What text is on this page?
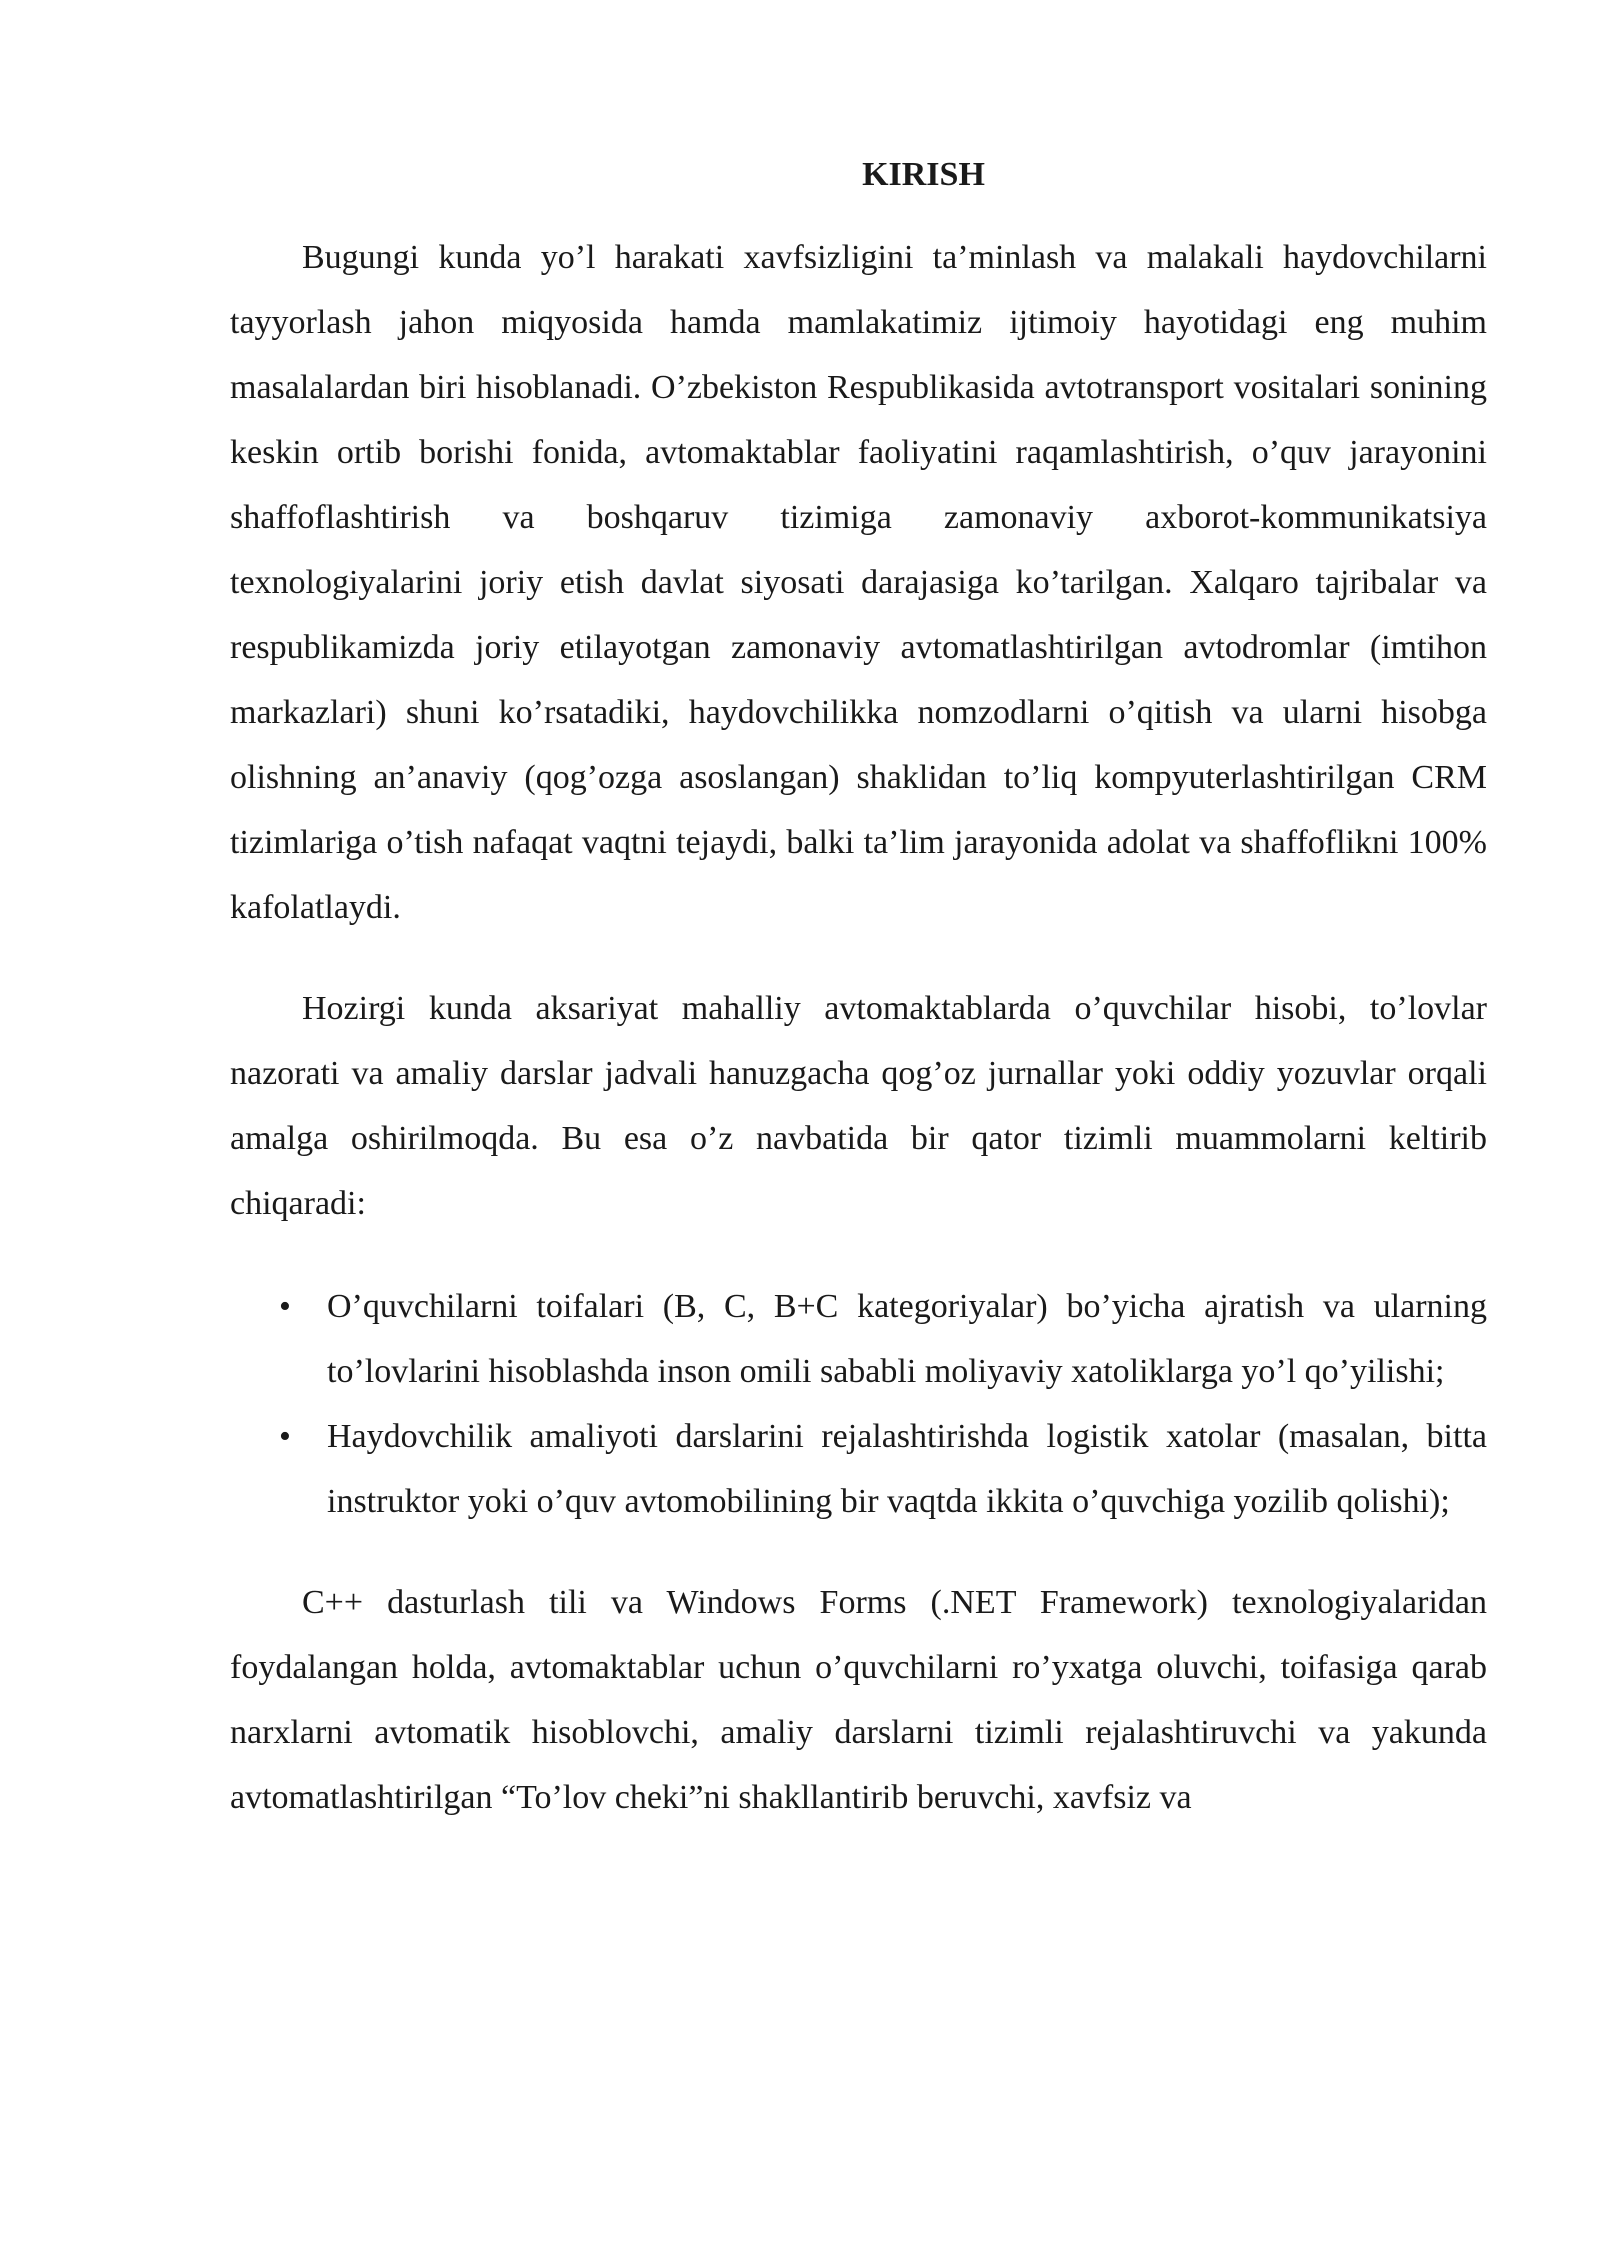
KIRISH

Bugungi kunda yo’l harakati xavfsizligini ta’minlash va malakali haydovchilarni tayyorlash jahon miqyosida hamda mamlakatimiz ijtimoiy hayotidagi eng muhim masalalardan biri hisoblanadi. O’zbekiston Respublikasida avtotransport vositalari sonining keskin ortib borishi fonida, avtomaktablar faoliyatini raqamlashtirish, o’quv jarayonini shaffoflashtirish va boshqaruv tizimiga zamonaviy axborot-kommunikatsiya texnologiyalarini joriy etish davlat siyosati darajasiga ko’tarilgan. Xalqaro tajribalar va respublikamizda joriy etilayotgan zamonaviy avtomatlashtirilgan avtodromlar (imtihon markazlari) shuni ko’rsatadiki, haydovchilikka nomzodlarni o’qitish va ularni hisobga olishning an’anaviy (qog’ozga asoslangan) shaklidan to’liq kompyuterlashtirilgan CRM tizimlariga o’tish nafaqat vaqtni tejaydi, balki ta’lim jarayonida adolat va shaffoflikni 100% kafolatlaydi.

Hozirgi kunda aksariyat mahalliy avtomaktablarda o’quvchilar hisobi, to’lovlar nazorati va amaliy darslar jadvali hanuzgacha qog’oz jurnallar yoki oddiy yozuvlar orqali amalga oshirilmoqda. Bu esa o’z navbatida bir qator tizimli muammolarni keltirib chiqaradi:

• O’quvchilarni toifalari (B, C, B+C kategoriyalar) bo’yicha ajratish va ularning to’lovlarini hisoblashda inson omili sababli moliyaviy xatoliklarga yo’l qo’yilishi;
• Haydovchilik amaliyoti darslarini rejalashtirishda logistik xatolar (masalan, bitta instruktor yoki o’quv avtomobilining bir vaqtda ikkita o’quvchiga yozilib qolishi);

C++ dasturlash tili va Windows Forms (.NET Framework) texnologiyalaridan foydalangan holda, avtomaktablar uchun o’quvchilarni ro’yxatga oluvchi, toifasiga qarab narxlarni avtomatik hisoblovchi, amaliy darslarni tizimli rejalashtiruvchi va yakunda avtomatlashtirilgan “To’lov cheki”ni shakllantirib beruvchi, xavfsiz va
